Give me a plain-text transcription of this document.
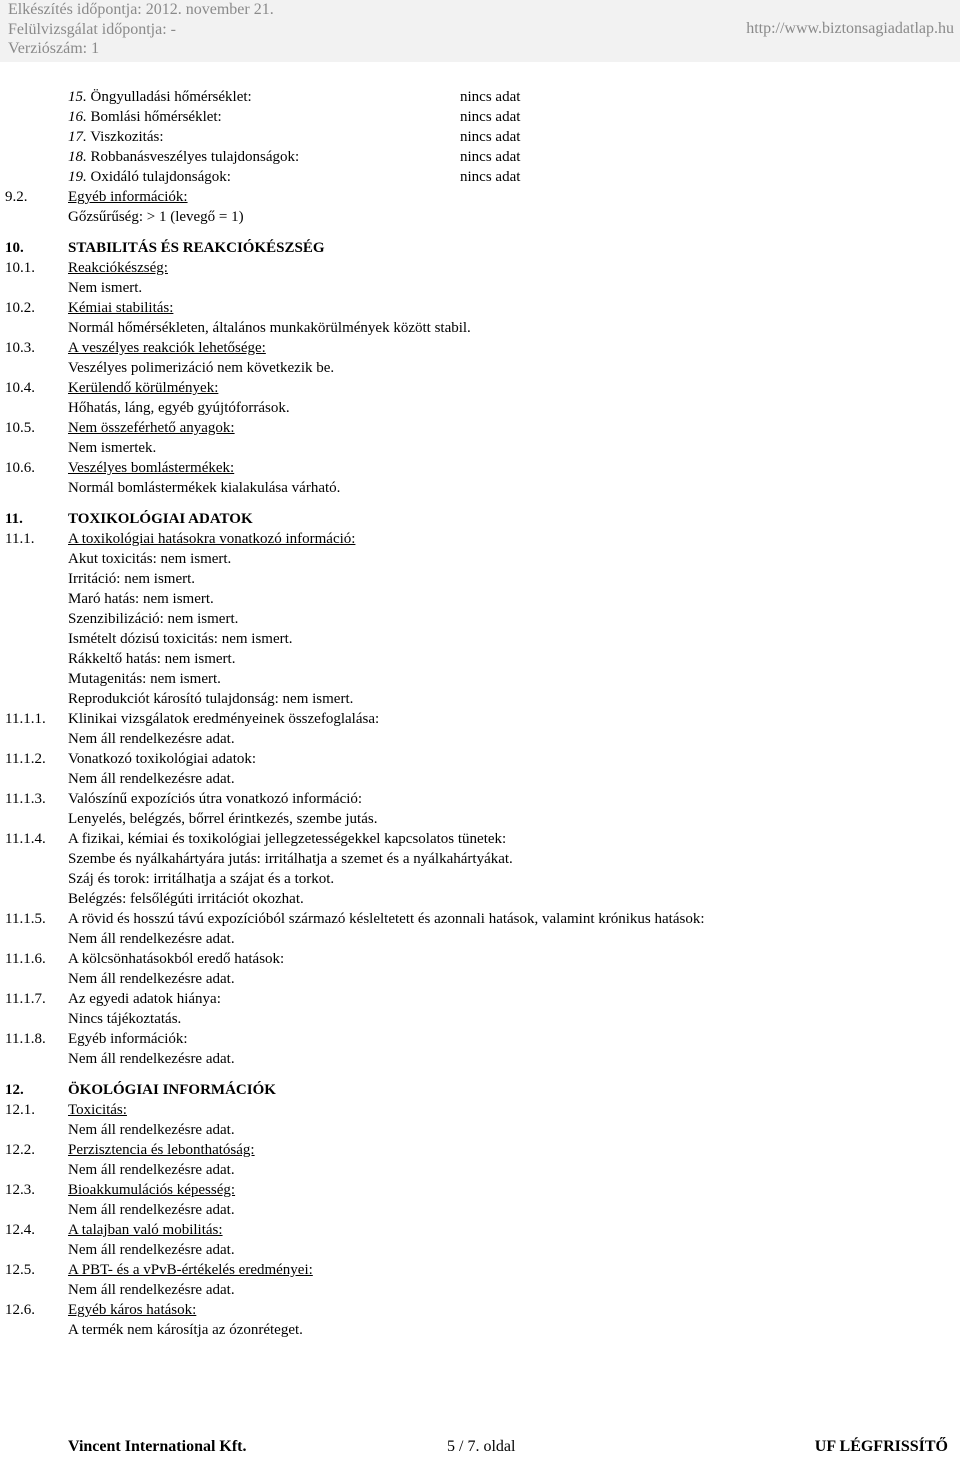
Elkészítés időpontja: 2012. november 21.
Felülvizsgálat időpontja: -
Verziószám: 1
http://www.biztonsagiadatlap.hu
15. Öngyulladási hőmérséklet:	nincs adat
16. Bomlási hőmérséklet:	nincs adat
17. Viszkozitás:	nincs adat
18. Robbanásveszélyes tulajdonságok:	nincs adat
19. Oxidáló tulajdonságok:	nincs adat
9.2.	Egyéb információk:
Gőzsűrűség: > 1 (levegő = 1)
10.	STABILITÁS ÉS REAKCIÓKÉSZSÉG
10.1. Reakciókészség:
Nem ismert.
10.2. Kémiai stabilitás:
Normál hőmérsékleten, általános munkakörülmények között stabil.
10.3. A veszélyes reakciók lehetősége:
Veszélyes polimerizáció nem következik be.
10.4. Kerülendő körülmények:
Hőhatás, láng, egyéb gyújtóforrások.
10.5. Nem összeférhető anyagok:
Nem ismertek.
10.6. Veszélyes bomlástermékek:
Normál bomlástermékek kialakulása várható.
11.	TOXIKOLÓGIAI ADATOK
11.1. A toxikológiai hatásokra vonatkozó információ:
Akut toxicitás: nem ismert.
Irritáció: nem ismert.
Maró hatás: nem ismert.
Szenzibilizáció: nem ismert.
Ismételt dózisú toxicitás: nem ismert.
Rákkeltő hatás: nem ismert.
Mutagenitás: nem ismert.
Reprodukciót károsító tulajdonság: nem ismert.
11.1.1. Klinikai vizsgálatok eredményeinek összefoglalása:
Nem áll rendelkezésre adat.
11.1.2. Vonatkozó toxikológiai adatok:
Nem áll rendelkezésre adat.
11.1.3. Valószínű expozíciós útra vonatkozó információ:
Lenyelés, belégzés, bőrrel érintkezés, szembe jutás.
11.1.4. A fizikai, kémiai és toxikológiai jellegzetességekkel kapcsolatos tünetek:
Szembe és nyálkahártyára jutás: irritálhatja a szemet és a nyálkahártyákat.
Száj és torok: irritálhatja a szájat és a torkot.
Belégzés: felsőlégúti irritációt okozhat.
11.1.5. A rövid és hosszú távú expozícióból származó késleltetett és azonnali hatások, valamint krónikus hatások:
Nem áll rendelkezésre adat.
11.1.6. A kölcsönhatásokból eredő hatások:
Nem áll rendelkezésre adat.
11.1.7. Az egyedi adatok hiánya:
Nincs tájékoztatás.
11.1.8. Egyéb információk:
Nem áll rendelkezésre adat.
12.	ÖKOLÓGIAI INFORMÁCIÓK
12.1. Toxicitás:
Nem áll rendelkezésre adat.
12.2. Perzisztencia és lebonthatóság:
Nem áll rendelkezésre adat.
12.3. Bioakkumulációs képesség:
Nem áll rendelkezésre adat.
12.4. A talajban való mobilitás:
Nem áll rendelkezésre adat.
12.5. A PBT- és a vPvB-értékelés eredményei:
Nem áll rendelkezésre adat.
12.6. Egyéb káros hatások:
A termék nem károsítja az ózonréteget.
Vincent International Kft.	5 / 7. oldal	UF LÉGFRISSÍTŐ
